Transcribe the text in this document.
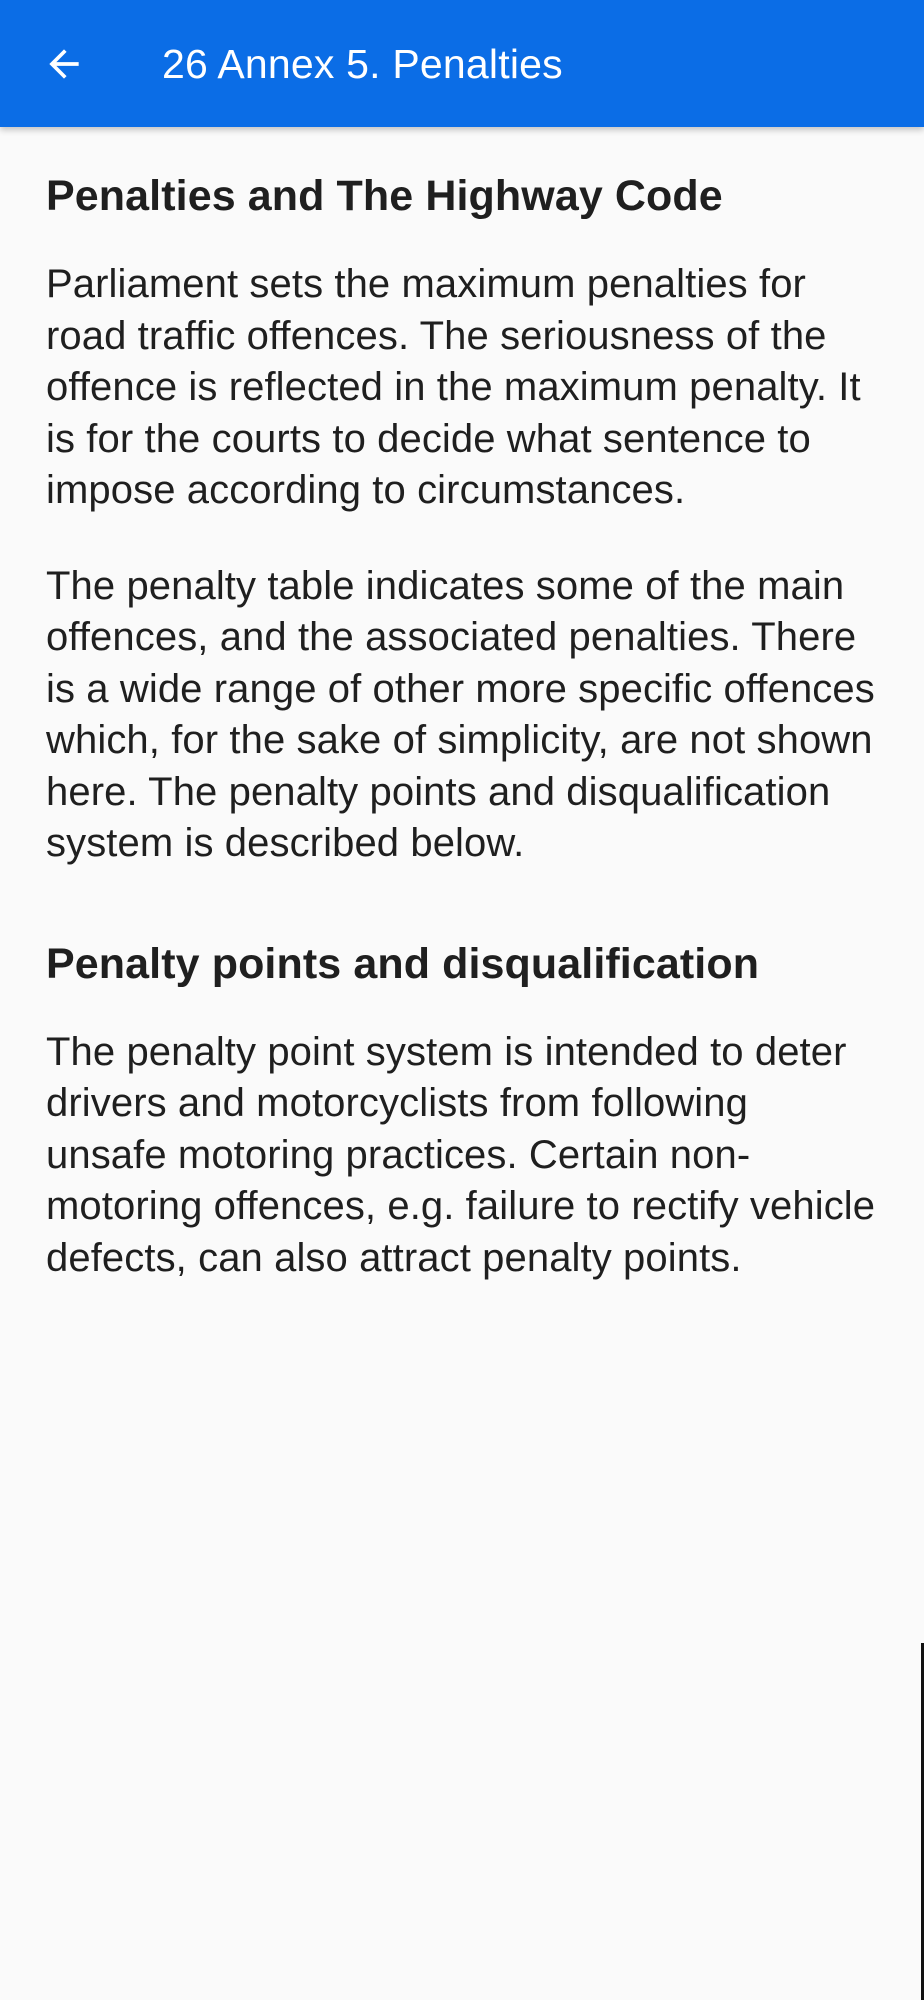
26 Annex 5. Penalties
Penalties and The Highway Code

Parliament sets the maximum penalties for road traffic offences. The seriousness of the offence is reflected in the maximum penalty. It is for the courts to decide what sentence to impose according to circumstances.

The penalty table indicates some of the main offences, and the associated penalties. There is a wide range of other more specific offences which, for the sake of simplicity, are not shown here. The penalty points and disqualification system is described below.

Penalty points and disqualification

The penalty point system is intended to deter drivers and motorcyclists from following unsafe motoring practices. Certain non-motoring offences, e.g. failure to rectify vehicle defects, can also attract penalty points.
